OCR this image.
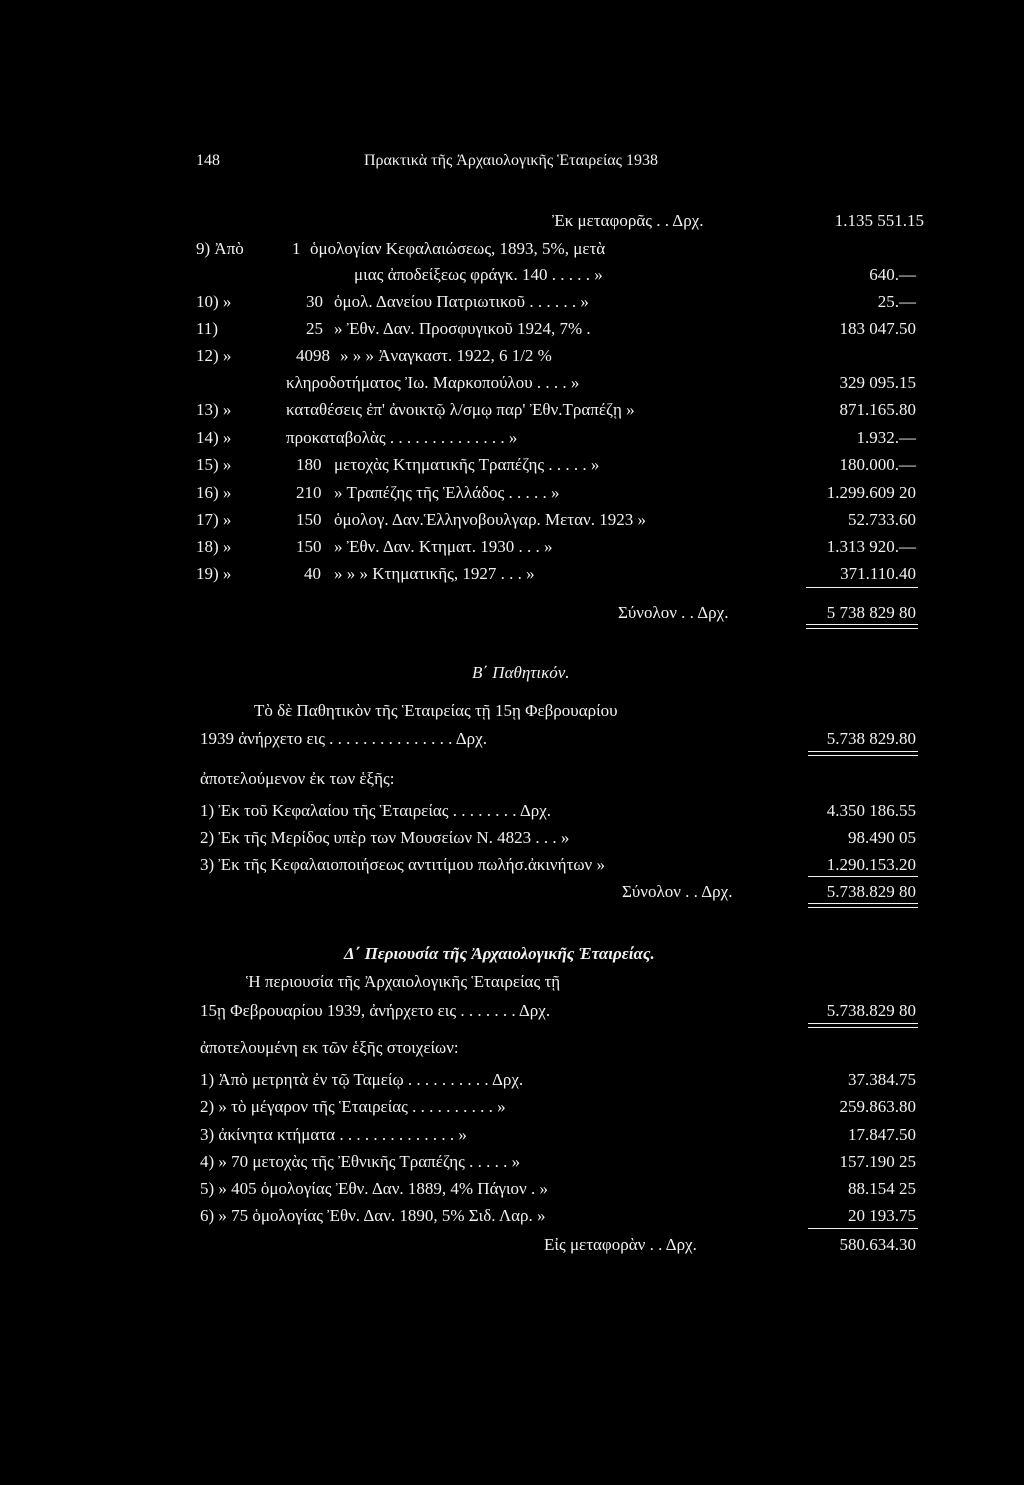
148	Πρακτικὰ τῆς Ἀρχαιολογικῆς Ἑταιρείας 1938
Ἐκ μεταφορᾶς . . Δρχ.	1.135 551.15
9) Ἀπὸ	1 ὁμολογίαν Κεφαλαιώσεως, 1893, 5%, μετὰ
μιας ἀποδείξεως φράγκ. 140 . . . . . »	640.—
10) »	30 ὁμολ. Δανείου Πατριωτικοῦ . . . . . . »	25.—
11)	25 » Ἐθν. Δαν. Προσφυγικοῦ 1924, 7% .	183 047.50
12) »	4098 » » » Ἀναγκαστ. 1922, 6 1/2 %
κληροδοτήματος Ἰω. Μαρκοπούλου . . . . »	329 095.15
13) »	καταθέσεις ἐπ' ἀνοικτῷ λ/σμῳ παρ' Ἐθν.Τραπέζῃ »	871.165.80
14) »	προκαταβολὰς . . . . . . . . . . . . . . »	1.932.—
15) »	180 μετοχὰς Κτηματικῆς Τραπέζης . . . . . »	180.000.—
16) »	210 » Τραπέζης τῆς Ἑλλάδος . . . . . »	1.299.609 20
17) »	150 ὁμολογ. Δαν.Ἑλληνοβουλγαρ. Μεταν. 1923 »	52.733.60
18) »	150 » Ἐθν. Δαν. Κτηματ. 1930 . . . »	1.313 920.—
19) »	40 » » » Κτηματικῆς, 1927 . . . »	371.110.40
Σύνολον . . Δρχ.	5 738 829 80
Β΄ Παθητικόν.
Τὸ δὲ Παθητικὸν τῆς Ἑταιρείας τῇ 15ῃ Φεβρουαρίου
1939 ἀνήρχετο εις . . . . . . . . . . . . . . . Δρχ.	5.738 829.80
ἀποτελούμενον ἐκ των ἑξῆς:
1) Ἐκ τοῦ Κεφαλαίου τῆς Ἑταιρείας . . . . . . . . Δρχ.	4.350 186.55
2) Ἐκ τῆς Μερίδος υπὲρ των Μουσείων Ν. 4823 . . . »	98.490 05
3) Ἐκ τῆς Κεφαλαιοποιήσεως αντιτίμου πωλήσ.ἀκινήτων »	1.290.153.20
Σύνολον . . Δρχ.	5.738.829 80
Δ΄ Περιουσία τῆς Ἀρχαιολογικῆς Ἑταιρείας.
Ἡ περιουσία τῆς Ἀρχαιολογικῆς Ἑταιρείας τῇ
15ῃ Φεβρουαρίου 1939, ἀνήρχετο εις . . . . . . . Δρχ.	5.738.829 80
ἀποτελουμένη εκ τῶν ἑξῆς στοιχείων:
1) Ἀπὸ μετρητὰ ἐν τῷ Ταμείῳ . . . . . . . . . . Δρχ.	37.384.75
2) » τὸ μέγαρον τῆς Ἑταιρείας . . . . . . . . . . »	259.863.80
3) ἀκίνητα κτήματα . . . . . . . . . . . . . . »	17.847.50
4) » 70 μετοχὰς τῆς Ἐθνικῆς Τραπέζης . . . . . »	157.190 25
5) » 405 ὁμολογίας Ἐθν. Δαν. 1889, 4% Πάγιον . »	88.154 25
6) » 75 ὁμολογίας Ἐθν. Δαν. 1890, 5% Σιδ. Λαρ. »	20 193.75
Εἰς μεταφορὰν . . Δρχ.	580.634.30
